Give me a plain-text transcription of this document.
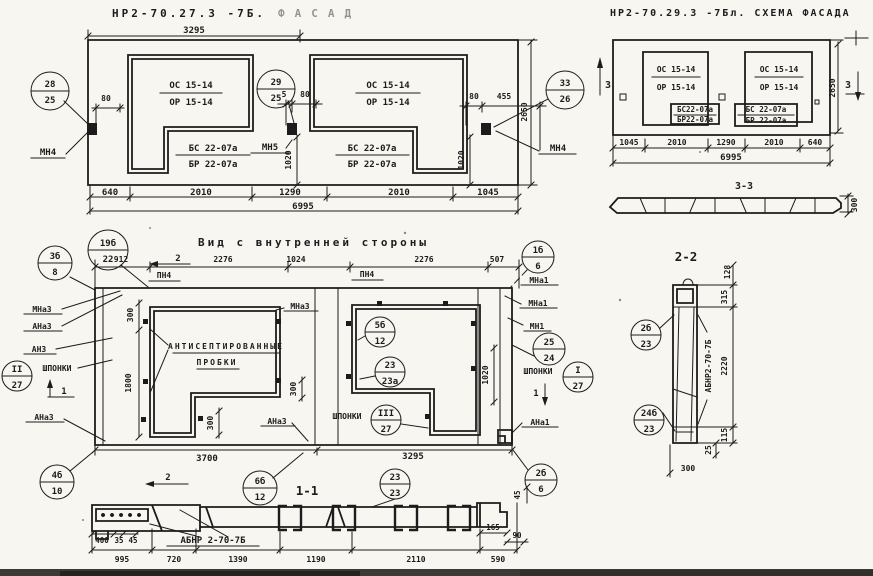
НР2-70.27.3 -7Б. ФАСАД
3295
80	5 80	80 455
1020	1020
2650
640	2010	1290	2010	1045
6995
ОС 15-14
ОР 15-14
БС 22-07а
БР 22-07а
ОС 15-14
ОР 15-14
БС 22-07а
БР 22-07а
МН4	МН5	МН4
28
25
29
25
33
26
НР2-70.29.3 -7Бл. СХЕМА ФАСАДА
ОС 15-14
ОР 15-14
БС22-07а
БР22-07а
ОС 15-14
ОР 15-14
БС 22-07а
БР 22-07а
3	3
2650
1045	2010	1290	2010	640
6995
3-3
300
Вид с внутренней стороны
912	2276	1024	2276	507
2
ПН4	ПН4
МНа3
АНа3
АН3
ШПОНКИ
АНа3
1
АНТИСЕПТИРОВАННЫЕ
ПРОБКИ
МНа3
АНа3
ШПОНКИ
300
1800	300
300
1020
МНа1
МНа1
МН1
ШПОНКИ
1
АНа1
3700	3295
2
1-1
19б
22
3б
8
1б
6
II
27
5б
12
23
23а
III
27
25
24
I
27
4б
10
6б
12
23
23
2б
6
2-2
АБНР2-70-7Б
128
315
2220
115
25
300
2б
23
24б
23
АБНР 2-70-7Б
400 35 45
995	720	1390	1190	2110	590
165
90
45
